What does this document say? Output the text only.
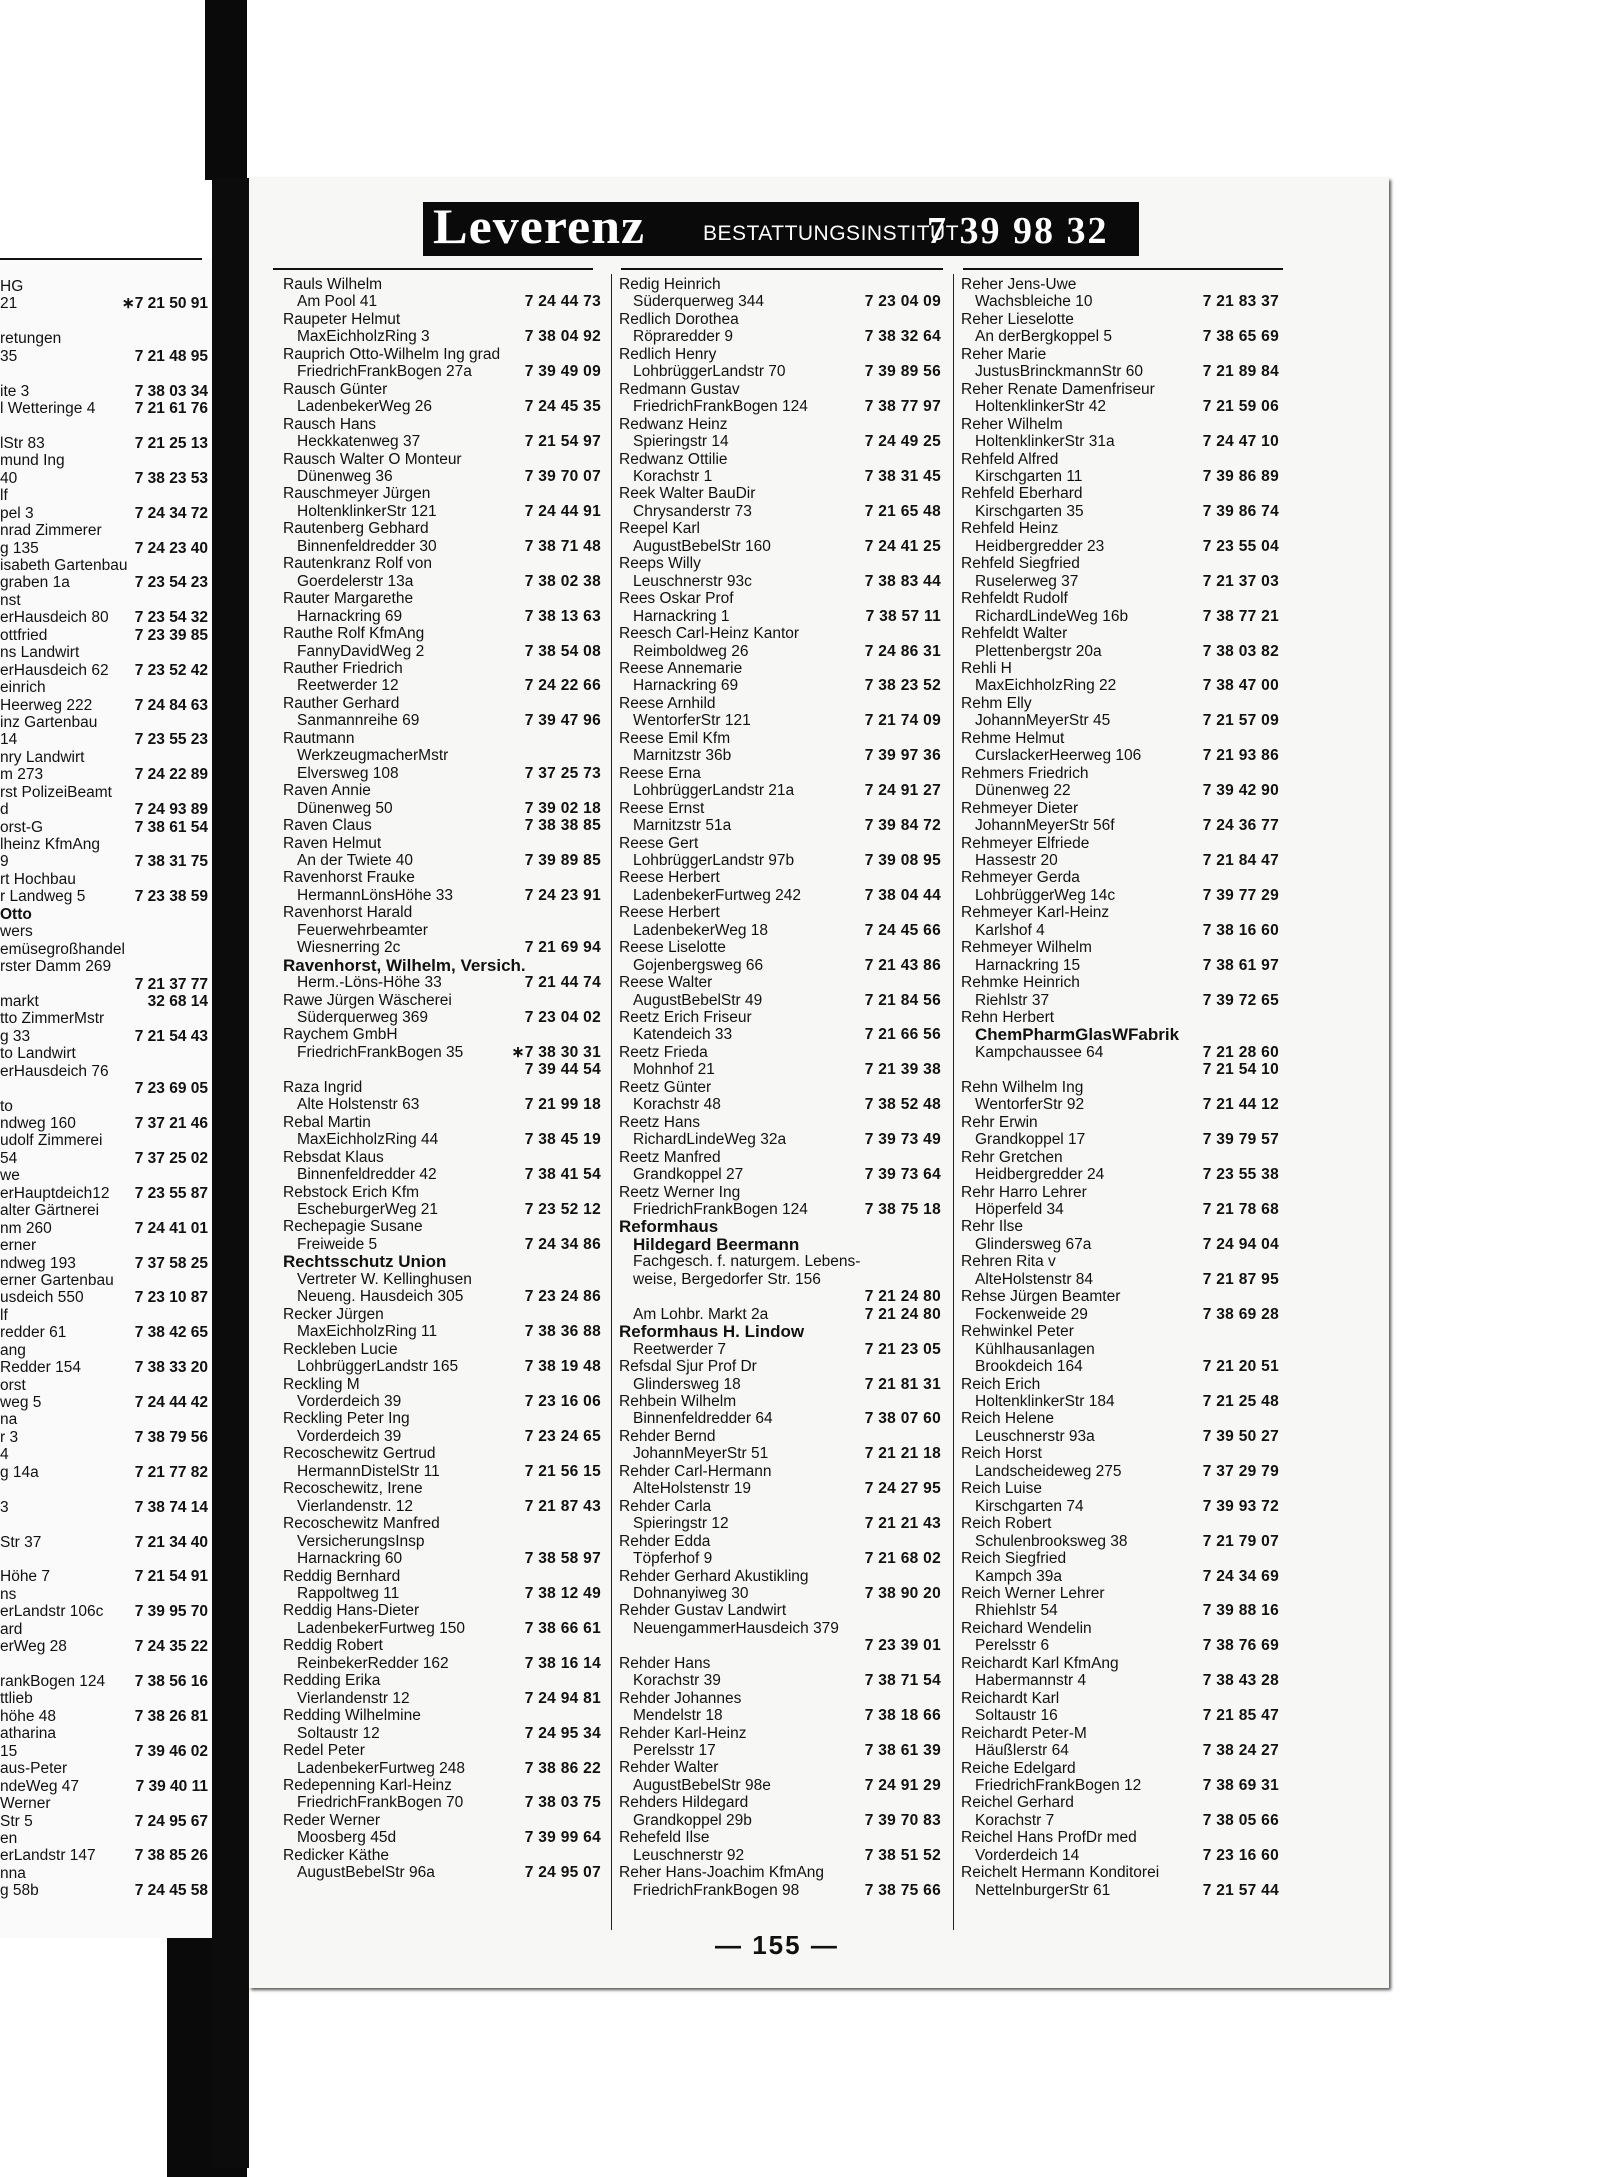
HG
21	∗7 21 50 91

retungen
35	7 21 48 95

ite 3	7 38 03 34
l Wetteringe 4	7 21 61 76

lStr 83	7 21 25 13
mund Ing
40	7 38 23 53
lf
pel 3	7 24 34 72
nrad Zimmerer
g 135	7 24 23 40
isabeth Gartenbau
graben 1a	7 23 54 23
nst
erHausdeich 80 7 23 54 32
ottfried	7 23 39 85
ns Landwirt
erHausdeich 62 7 23 52 42
einrich
Heerweg 222	7 24 84 63
inz Gartenbau
14	7 23 55 23
nry Landwirt
m 273	7 24 22 89
rst PolizeiBeamt
d	7 24 93 89
orst-G	7 38 61 54
lheinz KfmAng
9	7 38 31 75
rt Hochbau
r Landweg 5	7 23 38 59
Otto
wers
emüsegroßhandel
rster Damm 269
7 21 37 77
markt	32 68 14
tto ZimmerMstr
g 33	7 21 54 43
to Landwirt
erHausdeich 76
7 23 69 05
to
ndweg 160	7 37 21 46
udolf Zimmerei
54	7 37 25 02
we
erHauptdeich12 7 23 55 87
alter Gärtnerei
nm 260	7 24 41 01
erner
ndweg 193	7 37 58 25
erner Gartenbau
usdeich 550	7 23 10 87
lf
redder 61	7 38 42 65
ang
Redder 154	7 38 33 20
orst
weg 5	7 24 44 42
na
r 3	7 38 79 56
4
g 14a	7 21 77 82

3	7 38 74 14

Str 37	7 21 34 40

Höhe 7	7 21 54 91
ns
erLandstr 106c 7 39 95 70
ard
erWeg 28	7 24 35 22

rankBogen 124 7 38 56 16
ttlieb
höhe 48	7 38 26 81
atharina
15	7 39 46 02
aus-Peter
ndeWeg 47	7 39 40 11
Werner
Str 5	7 24 95 67
en
erLandstr 147	7 38 85 26
nna
g 58b	7 24 45 58
Leverenz	BESTATTUNGSINSTITUT
7 39 98 32
Rauls Wilhelm
Am Pool 41	7 24 44 73
Raupeter Helmut
MaxEichholzRing 3	7 38 04 92
Rauprich Otto-Wilhelm Ing grad
FriedrichFrankBogen 27a	7 39 49 09
Rausch Günter
LadenbekerWeg 26	7 24 45 35
Rausch Hans
Heckkatenweg 37	7 21 54 97
Rausch Walter O Monteur
Dünenweg 36	7 39 70 07
Rauschmeyer Jürgen
HoltenklinkerStr 121	7 24 44 91
Rautenberg Gebhard
Binnenfeldredder 30	7 38 71 48
Rautenkranz Rolf von
Goerdelerstr 13a	7 38 02 38
Rauter Margarethe
Harnackring 69	7 38 13 63
Rauthe Rolf KfmAng
FannyDavidWeg 2	7 38 54 08
Rauther Friedrich
Reetwerder 12	7 24 22 66
Rauther Gerhard
Sanmannreihe 69	7 39 47 96
Rautmann
WerkzeugmacherMstr
Elversweg 108	7 37 25 73
Raven Annie
Dünenweg 50	7 39 02 18
Raven Claus	7 38 38 85
Raven Helmut
An der Twiete 40	7 39 89 85
Ravenhorst Frauke
HermannLönsHöhe 33	7 24 23 91
Ravenhorst Harald
Feuerwehrbeamter
Wiesnerring 2c	7 21 69 94
Ravenhorst, Wilhelm, Versich.
Herm.-Löns-Höhe 33	7 21 44 74
Rawe Jürgen Wäscherei
Süderquerweg 369	7 23 04 02
Raychem GmbH
FriedrichFrankBogen 35	∗7 38 30 31
7 39 44 54
Raza Ingrid
Alte Holstenstr 63	7 21 99 18
Rebal Martin
MaxEichholzRing 44	7 38 45 19
Rebsdat Klaus
Binnenfeldredder 42	7 38 41 54
Rebstock Erich Kfm
EscheburgerWeg 21	7 23 52 12
Rechepagie Susane
Freiweide 5	7 24 34 86
Rechtsschutz Union
Vertreter W. Kellinghusen
Neueng. Hausdeich 305	7 23 24 86
Recker Jürgen
MaxEichholzRing 11	7 38 36 88
Reckleben Lucie
LohbrüggerLandstr 165	7 38 19 48
Reckling M
Vorderdeich 39	7 23 16 06
Reckling Peter Ing
Vorderdeich 39	7 23 24 65
Recoschewitz Gertrud
HermannDistelStr 11	7 21 56 15
Recoschewitz, Irene
Vierlandenstr. 12	7 21 87 43
Recoschewitz Manfred
VersicherungsInsp
Harnackring 60	7 38 58 97
Reddig Bernhard
Rappoltweg 11	7 38 12 49
Reddig Hans-Dieter
LadenbekerFurtweg 150	7 38 66 61
Reddig Robert
ReinbekerRedder 162	7 38 16 14
Redding Erika
Vierlandenstr 12	7 24 94 81
Redding Wilhelmine
Soltaustr 12	7 24 95 34
Redel Peter
LadenbekerFurtweg 248	7 38 86 22
Redepenning Karl-Heinz
FriedrichFrankBogen 70	7 38 03 75
Reder Werner
Moosberg 45d	7 39 99 64
Redicker Käthe
AugustBebelStr 96a	7 24 95 07
Redig Heinrich
Süderquerweg 344	7 23 04 09
Redlich Dorothea
Röpraredder 9	7 38 32 64
Redlich Henry
LohbrüggerLandstr 70	7 39 89 56
Redmann Gustav
FriedrichFrankBogen 124	7 38 77 97
Redwanz Heinz
Spieringstr 14	7 24 49 25
Redwanz Ottilie
Korachstr 1	7 38 31 45
Reek Walter BauDir
Chrysanderstr 73	7 21 65 48
Reepel Karl
AugustBebelStr 160	7 24 41 25
Reeps Willy
Leuschnerstr 93c	7 38 83 44
Rees Oskar Prof
Harnackring 1	7 38 57 11
Reesch Carl-Heinz Kantor
Reimboldweg 26	7 24 86 31
Reese Annemarie
Harnackring 69	7 38 23 52
Reese Arnhild
WentorferStr 121	7 21 74 09
Reese Emil Kfm
Marnitzstr 36b	7 39 97 36
Reese Erna
LohbrüggerLandstr 21a	7 24 91 27
Reese Ernst
Marnitzstr 51a	7 39 84 72
Reese Gert
LohbrüggerLandstr 97b	7 39 08 95
Reese Herbert
LadenbekerFurtweg 242	7 38 04 44
Reese Herbert
LadenbekerWeg 18	7 24 45 66
Reese Liselotte
Gojenbergsweg 66	7 21 43 86
Reese Walter
AugustBebelStr 49	7 21 84 56
Reetz Erich Friseur
Katendeich 33	7 21 66 56
Reetz Frieda
Mohnhof 21	7 21 39 38
Reetz Günter
Korachstr 48	7 38 52 48
Reetz Hans
RichardLindeWeg 32a	7 39 73 49
Reetz Manfred
Grandkoppel 27	7 39 73 64
Reetz Werner Ing
FriedrichFrankBogen 124	7 38 75 18
Reformhaus
Hildegard Beermann
Fachgesch. f. naturgem. Lebens-
weise, Bergedorfer Str. 156
7 21 24 80
Am Lohbr. Markt 2a	7 21 24 80
Reformhaus H. Lindow
Reetwerder 7	7 21 23 05
Refsdal Sjur Prof Dr
Glindersweg 18	7 21 81 31
Rehbein Wilhelm
Binnenfeldredder 64	7 38 07 60
Rehder Bernd
JohannMeyerStr 51	7 21 21 18
Rehder Carl-Hermann
AlteHolstenstr 19	7 24 27 95
Rehder Carla
Spieringstr 12	7 21 21 43
Rehder Edda
Töpferhof 9	7 21 68 02
Rehder Gerhard Akustikling
Dohnanyiweg 30	7 38 90 20
Rehder Gustav Landwirt
NeuengammerHausdeich 379
7 23 39 01
Rehder Hans
Korachstr 39	7 38 71 54
Rehder Johannes
Mendelstr 18	7 38 18 66
Rehder Karl-Heinz
Perelsstr 17	7 38 61 39
Rehder Walter
AugustBebelStr 98e	7 24 91 29
Rehders Hildegard
Grandkoppel 29b	7 39 70 83
Rehefeld Ilse
Leuschnerstr 92	7 38 51 52
Reher Hans-Joachim KfmAng
FriedrichFrankBogen 98	7 38 75 66
Reher Jens-Uwe
Wachsbleiche 10	7 21 83 37
Reher Lieselotte
An derBergkoppel 5	7 38 65 69
Reher Marie
JustusBrinckmannStr 60	7 21 89 84
Reher Renate Damenfriseur
HoltenklinkerStr 42	7 21 59 06
Reher Wilhelm
HoltenklinkerStr 31a	7 24 47 10
Rehfeld Alfred
Kirschgarten 11	7 39 86 89
Rehfeld Eberhard
Kirschgarten 35	7 39 86 74
Rehfeld Heinz
Heidbergredder 23	7 23 55 04
Rehfeld Siegfried
Ruselerweg 37	7 21 37 03
Rehfeldt Rudolf
RichardLindeWeg 16b	7 38 77 21
Rehfeldt Walter
Plettenbergstr 20a	7 38 03 82
Rehli H
MaxEichholzRing 22	7 38 47 00
Rehm Elly
JohannMeyerStr 45	7 21 57 09
Rehme Helmut
CurslackerHeerweg 106	7 21 93 86
Rehmers Friedrich
Dünenweg 22	7 39 42 90
Rehmeyer Dieter
JohannMeyerStr 56f	7 24 36 77
Rehmeyer Elfriede
Hassestr 20	7 21 84 47
Rehmeyer Gerda
LohbrüggerWeg 14c	7 39 77 29
Rehmeyer Karl-Heinz
Karlshof 4	7 38 16 60
Rehmeyer Wilhelm
Harnackring 15	7 38 61 97
Rehmke Heinrich
Riehlstr 37	7 39 72 65
Rehn Herbert
ChemPharmGlasWFabrik
Kampchaussee 64	7 21 28 60
7 21 54 10
Rehn Wilhelm Ing
WentorferStr 92	7 21 44 12
Rehr Erwin
Grandkoppel 17	7 39 79 57
Rehr Gretchen
Heidbergredder 24	7 23 55 38
Rehr Harro Lehrer
Höperfeld 34	7 21 78 68
Rehr Ilse
Glindersweg 67a	7 24 94 04
Rehren Rita v
AlteHolstenstr 84	7 21 87 95
Rehse Jürgen Beamter
Fockenweide 29	7 38 69 28
Rehwinkel Peter
Kühlhausanlagen
Brookdeich 164	7 21 20 51
Reich Erich
HoltenklinkerStr 184	7 21 25 48
Reich Helene
Leuschnerstr 93a	7 39 50 27
Reich Horst
Landscheideweg 275	7 37 29 79
Reich Luise
Kirschgarten 74	7 39 93 72
Reich Robert
Schulenbrooksweg 38	7 21 79 07
Reich Siegfried
Kampch 39a	7 24 34 69
Reich Werner Lehrer
Rhiehlstr 54	7 39 88 16
Reichard Wendelin
Perelsstr 6	7 38 76 69
Reichardt Karl KfmAng
Habermannstr 4	7 38 43 28
Reichardt Karl
Soltaustr 16	7 21 85 47
Reichardt Peter-M
Häußlerstr 64	7 38 24 27
Reiche Edelgard
FriedrichFrankBogen 12	7 38 69 31
Reichel Gerhard
Korachstr 7	7 38 05 66
Reichel Hans ProfDr med
Vorderdeich 14	7 23 16 60
Reichelt Hermann Konditorei
NettelnburgerStr 61	7 21 57 44
— 155 —
